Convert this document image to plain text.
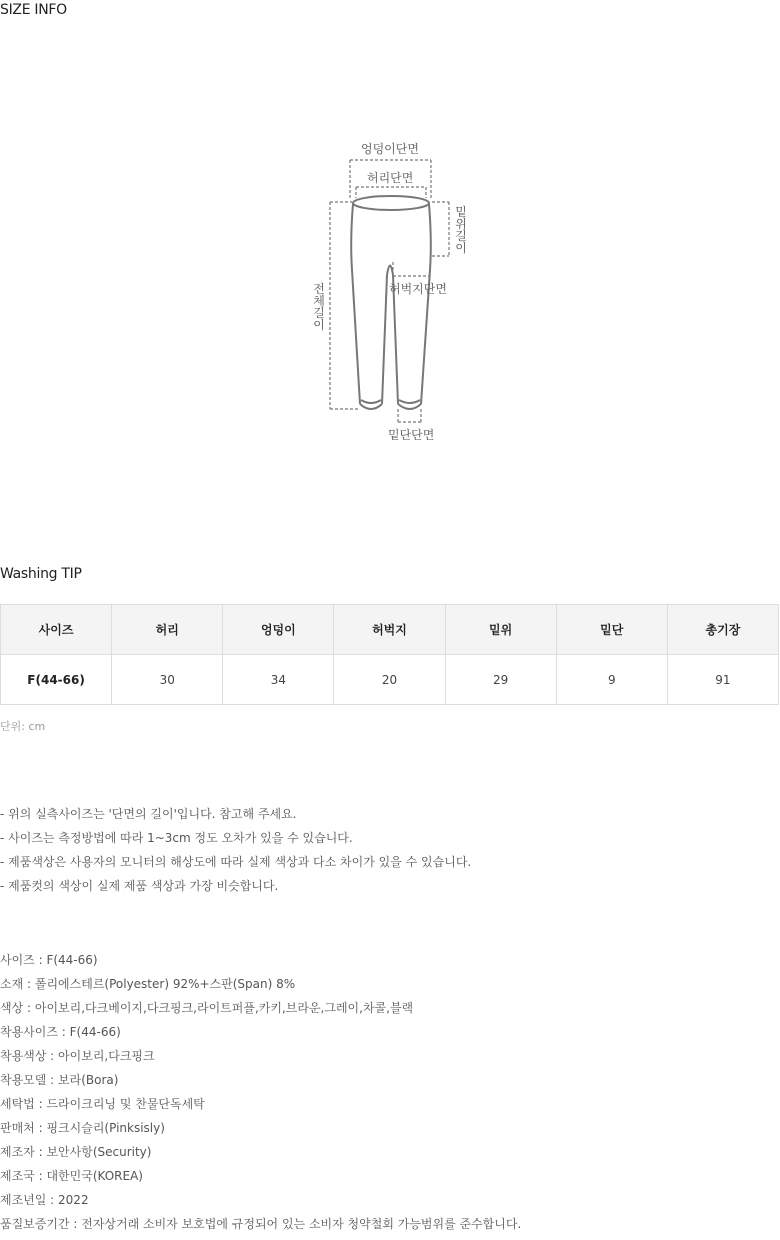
SIZE INFO
엉덩이단면
허리단면
밑위길이
전체길이
허벅지단면
밑단단면
Washing TIP
사이즈	허리	엉덩이	허벅지	밑위	밑단	총기장
F(44-66)	30	34	20	29	9	91
단위: cm
- 위의 실측사이즈는 '단면의 길이'입니다. 참고해 주세요.
- 사이즈는 측정방법에 따라 1~3cm 정도 오차가 있을 수 있습니다.
- 제품색상은 사용자의 모니터의 해상도에 따라 실제 색상과 다소 차이가 있을 수 있습니다.
- 제품컷의 색상이 실제 제품 색상과 가장 비슷합니다.
사이즈 : F(44-66)
소재 : 폴리에스테르(Polyester) 92%+스판(Span) 8%
색상 : 아이보리,다크베이지,다크핑크,라이트퍼플,카키,브라운,그레이,차콜,블랙
착용사이즈 : F(44-66)
착용색상 : 아이보리,다크핑크
착용모델 : 보라(Bora)
세탁법 : 드라이크리닝 및 찬물단독세탁
판매처 : 핑크시슬리(Pinksisly)
제조자 : 보안사항(Security)
제조국 : 대한민국(KOREA)
제조년일 : 2022
품질보증기간 : 전자상거래 소비자 보호법에 규정되어 있는 소비자 청약철회 가능범위를 준수합니다.
